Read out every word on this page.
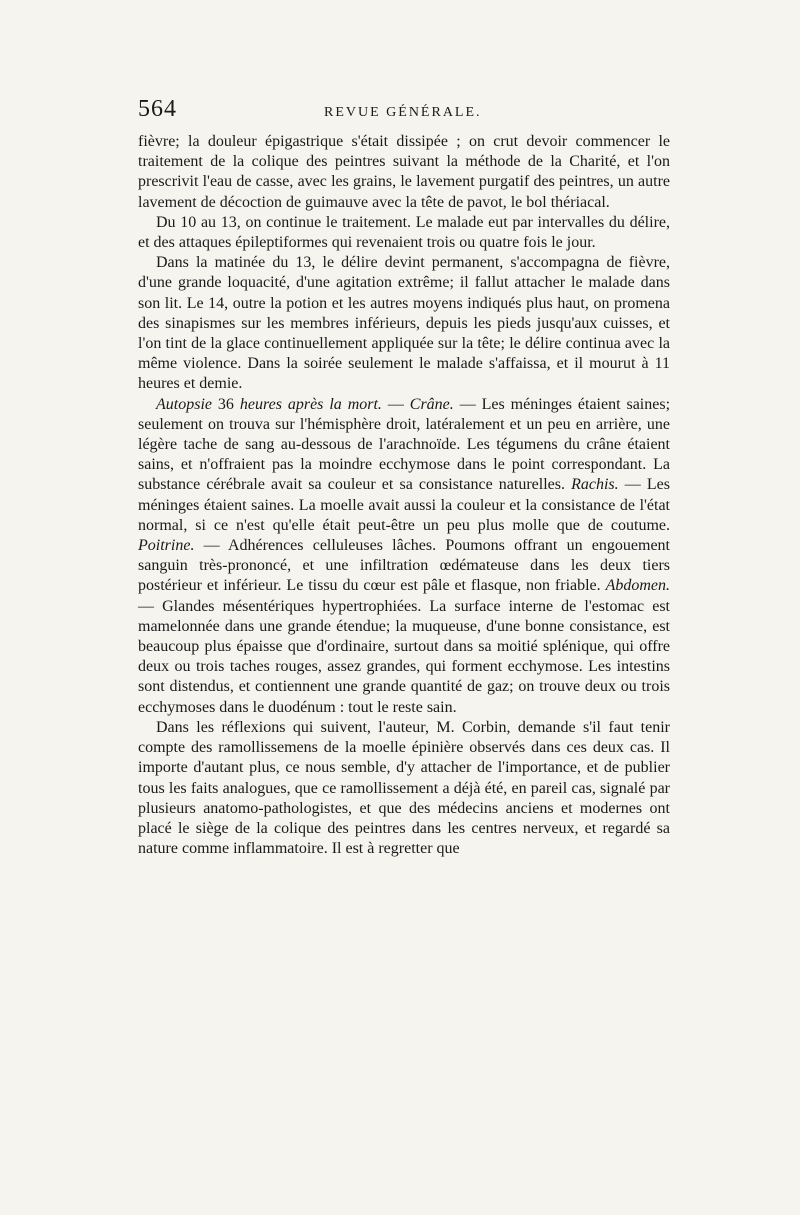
564	REVUE GÉNÉRALE.

fièvre; la douleur épigastrique s'était dissipée ; on crut devoir commencer le traitement de la colique des peintres suivant la méthode de la Charité, et l'on prescrivit l'eau de casse, avec les grains, le lavement purgatif des peintres, un autre lavement de décoction de guimauve avec la tête de pavot, le bol thériacal.

Du 10 au 13, on continue le traitement. Le malade eut par intervalles du délire, et des attaques épileptiformes qui revenaient trois ou quatre fois le jour.

Dans la matinée du 13, le délire devint permanent, s'accompagna de fièvre, d'une grande loquacité, d'une agitation extrême; il fallut attacher le malade dans son lit. Le 14, outre la potion et les autres moyens indiqués plus haut, on promena des sinapismes sur les membres inférieurs, depuis les pieds jusqu'aux cuisses, et l'on tint de la glace continuellement appliquée sur la tête; le délire continua avec la même violence. Dans la soirée seulement le malade s'affaissa, et il mourut à 11 heures et demie.

Autopsie 36 heures après la mort. — Crâne. — Les méninges étaient saines; seulement on trouva sur l'hémisphère droit, latéralement et un peu en arrière, une légère tache de sang au-dessous de l'arachnoïde. Les tégumens du crâne étaient sains, et n'offraient pas la moindre ecchymose dans le point correspondant. La substance cérébrale avait sa couleur et sa consistance naturelles. Rachis. — Les méninges étaient saines. La moelle avait aussi la couleur et la consistance de l'état normal, si ce n'est qu'elle était peut-être un peu plus molle que de coutume. Poitrine. — Adhérences celluleuses lâches. Poumons offrant un engouement sanguin très-prononcé, et une infiltration œdémateuse dans les deux tiers postérieur et inférieur. Le tissu du cœur est pâle et flasque, non friable. Abdomen. — Glandes mésentériques hypertrophiées. La surface interne de l'estomac est mamelonnée dans une grande étendue; la muqueuse, d'une bonne consistance, est beaucoup plus épaisse que d'ordinaire, surtout dans sa moitié splénique, qui offre deux ou trois taches rouges, assez grandes, qui forment ecchymose. Les intestins sont distendus, et contiennent une grande quantité de gaz; on trouve deux ou trois ecchymoses dans le duodénum : tout le reste sain.

Dans les réflexions qui suivent, l'auteur, M. Corbin, demande s'il faut tenir compte des ramollissemens de la moelle épinière observés dans ces deux cas. Il importe d'autant plus, ce nous semble, d'y attacher de l'importance, et de publier tous les faits analogues, que ce ramollissement a déjà été, en pareil cas, signalé par plusieurs anatomo-pathologistes, et que des médecins anciens et modernes ont placé le siège de la colique des peintres dans les centres nerveux, et regardé sa nature comme inflammatoire. Il est à regretter que
